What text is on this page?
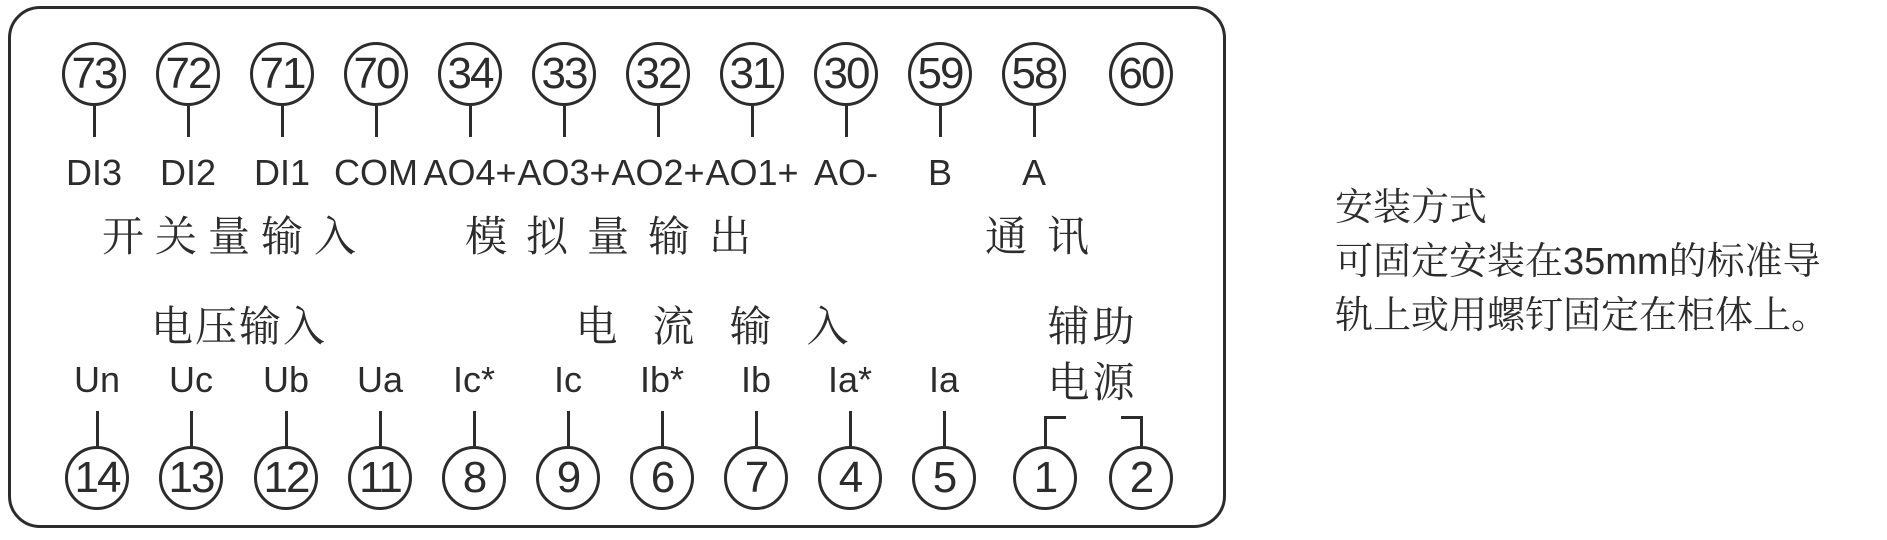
73
DI3
72
DI2
71
DI1
70
COM
34
AO4+
33
AO3+
32
AO2+
31
AO1+
30
AO-
59
B
58
A
60
Un
14
Uc
13
Ub
12
Ua
11
Ic*
8
Ic
9
Ib*
6
Ib
7
Ia*
4
Ia
5	1	2
开关量输入	模拟量输出	通讯
电压输入	电流输入	辅助
电源
安装方式
可固定安装在35mm的标准导
轨上或用螺钉固定在柜体上。
